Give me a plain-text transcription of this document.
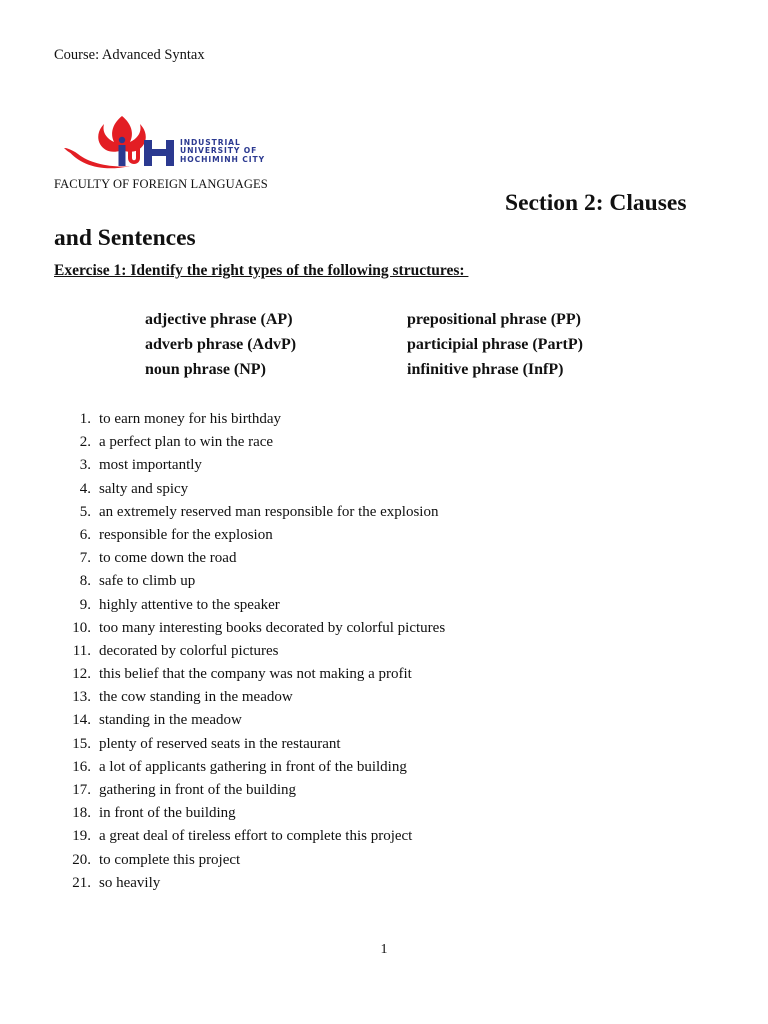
Course: Advanced Syntax
INDUSTRIAL
UNIVERSITY OF
HOCHIMINH CITY
FACULTY OF FOREIGN LANGUAGES
Section 2: Clauses
and Sentences
Exercise 1: Identify the right types of the following structures:
adjective phrase (AP)	prepositional phrase (PP)
adverb phrase (AdvP)	participial phrase (PartP)
noun phrase (NP)	infinitive phrase (InfP)
1. to earn money for his birthday
2. a perfect plan to win the race
3. most importantly
4. salty and spicy
5. an extremely reserved man responsible for the explosion
6. responsible for the explosion
7. to come down the road
8. safe to climb up
9. highly attentive to the speaker
10. too many interesting books decorated by colorful pictures
11. decorated by colorful pictures
12. this belief that the company was not making a profit
13. the cow standing in the meadow
14. standing in the meadow
15. plenty of reserved seats in the restaurant
16. a lot of applicants gathering in front of the building
17. gathering in front of the building
18. in front of the building
19. a great deal of tireless effort to complete this project
20. to complete this project
21. so heavily
1
